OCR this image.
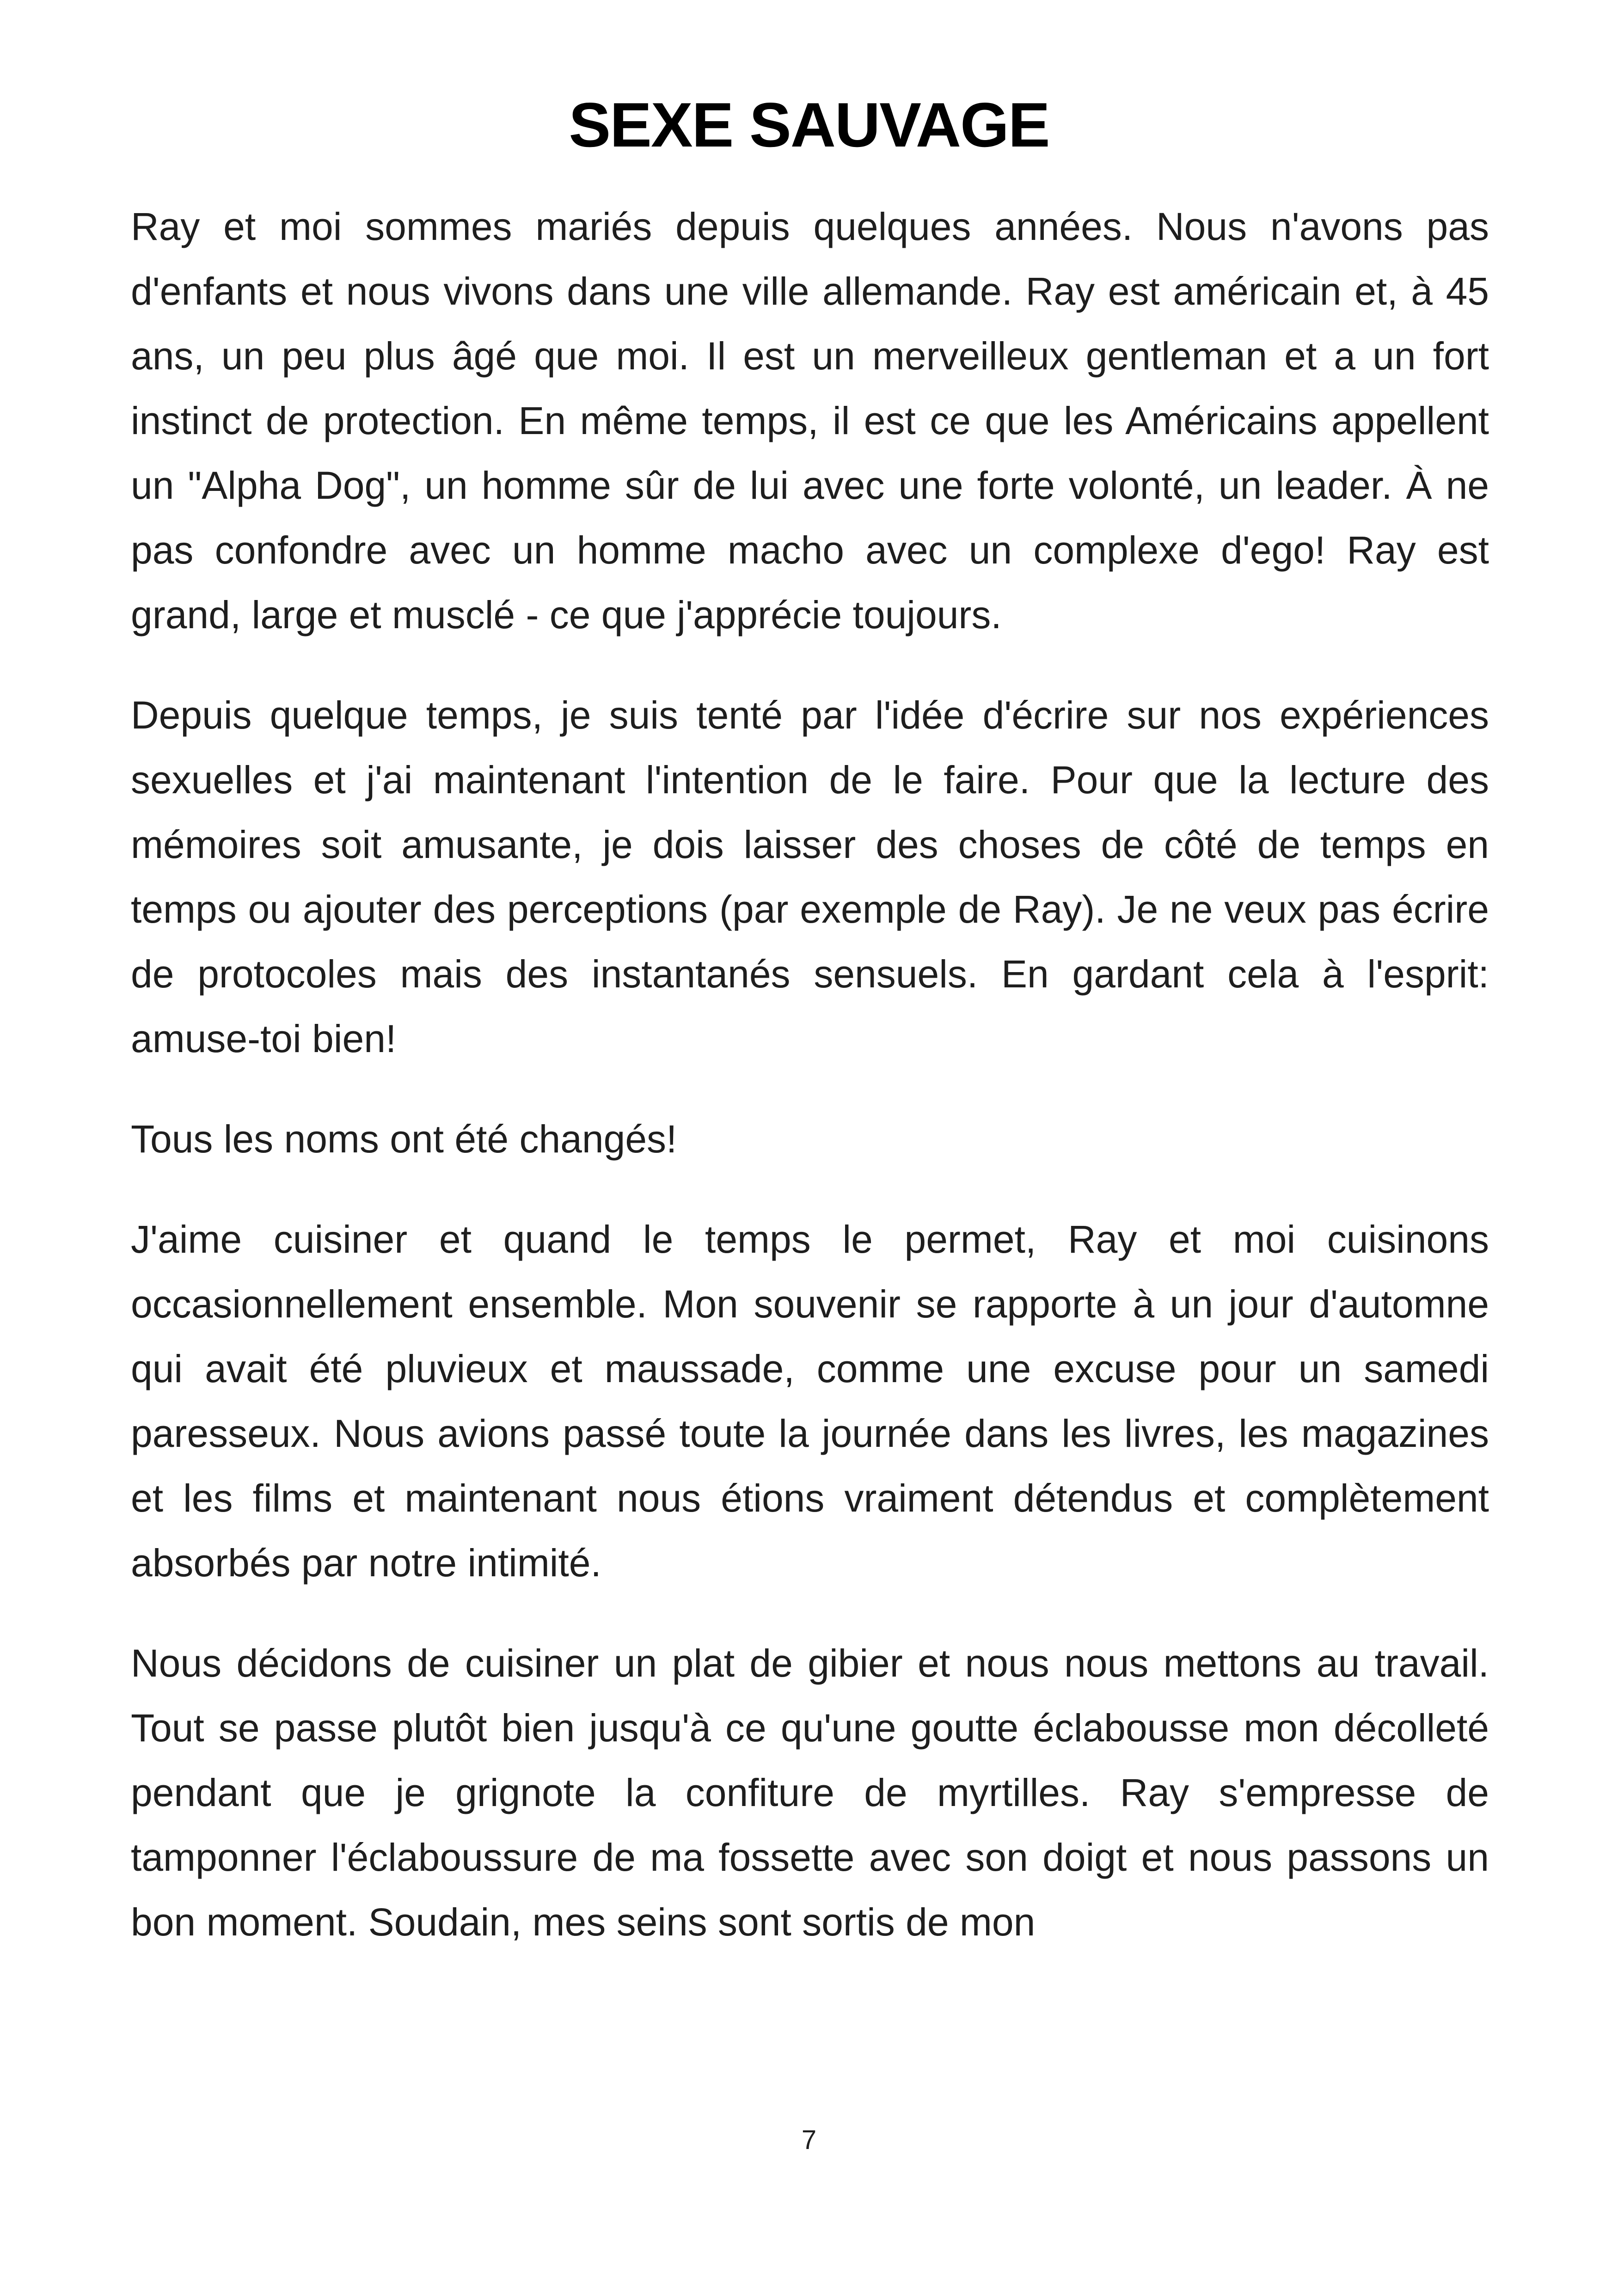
SEXE SAUVAGE

Ray et moi sommes mariés depuis quelques années. Nous n'avons pas d'enfants et nous vivons dans une ville allemande. Ray est américain et, à 45 ans, un peu plus âgé que moi. Il est un merveilleux gentleman et a un fort instinct de protection. En même temps, il est ce que les Américains appellent un "Alpha Dog", un homme sûr de lui avec une forte volonté, un leader. À ne pas confondre avec un homme macho avec un complexe d'ego! Ray est grand, large et musclé - ce que j'apprécie toujours.

Depuis quelque temps, je suis tenté par l'idée d'écrire sur nos expériences sexuelles et j'ai maintenant l'intention de le faire. Pour que la lecture des mémoires soit amusante, je dois laisser des choses de côté de temps en temps ou ajouter des perceptions (par exemple de Ray). Je ne veux pas écrire de protocoles mais des instantanés sensuels. En gardant cela à l'esprit: amuse-toi bien!

Tous les noms ont été changés!

J'aime cuisiner et quand le temps le permet, Ray et moi cuisinons occasionnellement ensemble. Mon souvenir se rapporte à un jour d'automne qui avait été pluvieux et maussade, comme une excuse pour un samedi paresseux. Nous avions passé toute la journée dans les livres, les magazines et les films et maintenant nous étions vraiment détendus et complètement absorbés par notre intimité.

Nous décidons de cuisiner un plat de gibier et nous nous mettons au travail. Tout se passe plutôt bien jusqu'à ce qu'une goutte éclabousse mon décolleté pendant que je grignote la confiture de myrtilles. Ray s'empresse de tamponner l'éclaboussure de ma fossette avec son doigt et nous passons un bon moment. Soudain, mes seins sont sortis de mon

7
